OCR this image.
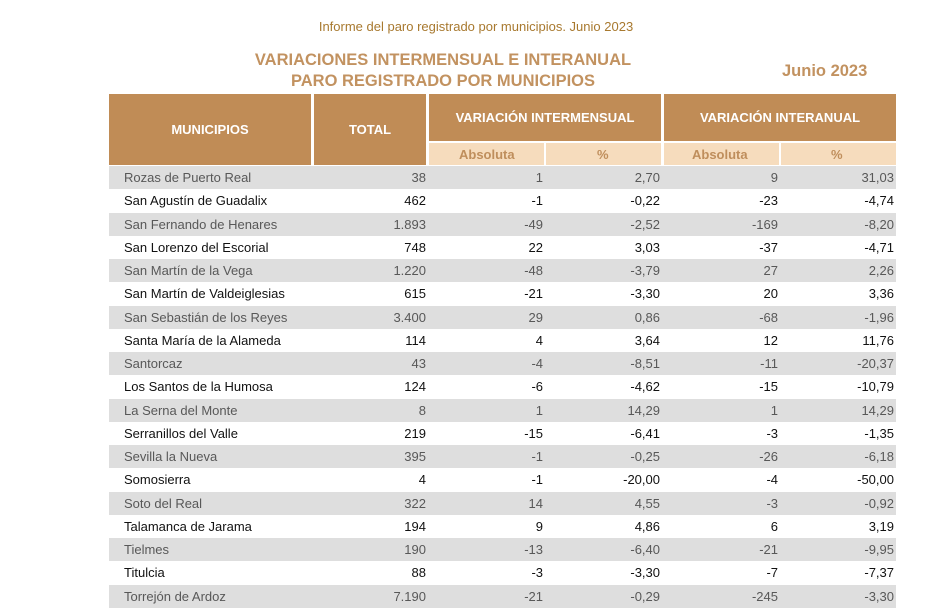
Informe del paro registrado por municipios. Junio 2023
VARIACIONES INTERMENSUAL E INTERANUAL
PARO REGISTRADO POR MUNICIPIOS
Junio 2023
MUNICIPIOS	TOTAL
VARIACIÓN INTERMENSUAL	VARIACIÓN INTERANUAL
Absoluta	%	Absoluta	%
Rozas de Puerto Real	38	1	2,70	9	31,03
San Agustín de Guadalix	462	-1	-0,22	-23	-4,74
San Fernando de Henares	1.893	-49	-2,52	-169	-8,20
San Lorenzo del Escorial	748	22	3,03	-37	-4,71
San Martín de la Vega	1.220	-48	-3,79	27	2,26
San Martín de Valdeiglesias	615	-21	-3,30	20	3,36
San Sebastián de los Reyes	3.400	29	0,86	-68	-1,96
Santa María de la Alameda	114	4	3,64	12	11,76
Santorcaz	43	-4	-8,51	-11	-20,37
Los Santos de la Humosa	124	-6	-4,62	-15	-10,79
La Serna del Monte	8	1	14,29	1	14,29
Serranillos del Valle	219	-15	-6,41	-3	-1,35
Sevilla la Nueva	395	-1	-0,25	-26	-6,18
Somosierra	4	-1	-20,00	-4	-50,00
Soto del Real	322	14	4,55	-3	-0,92
Talamanca de Jarama	194	9	4,86	6	3,19
Tielmes	190	-13	-6,40	-21	-9,95
Titulcia	88	-3	-3,30	-7	-7,37
Torrejón de Ardoz	7.190	-21	-0,29	-245	-3,30
